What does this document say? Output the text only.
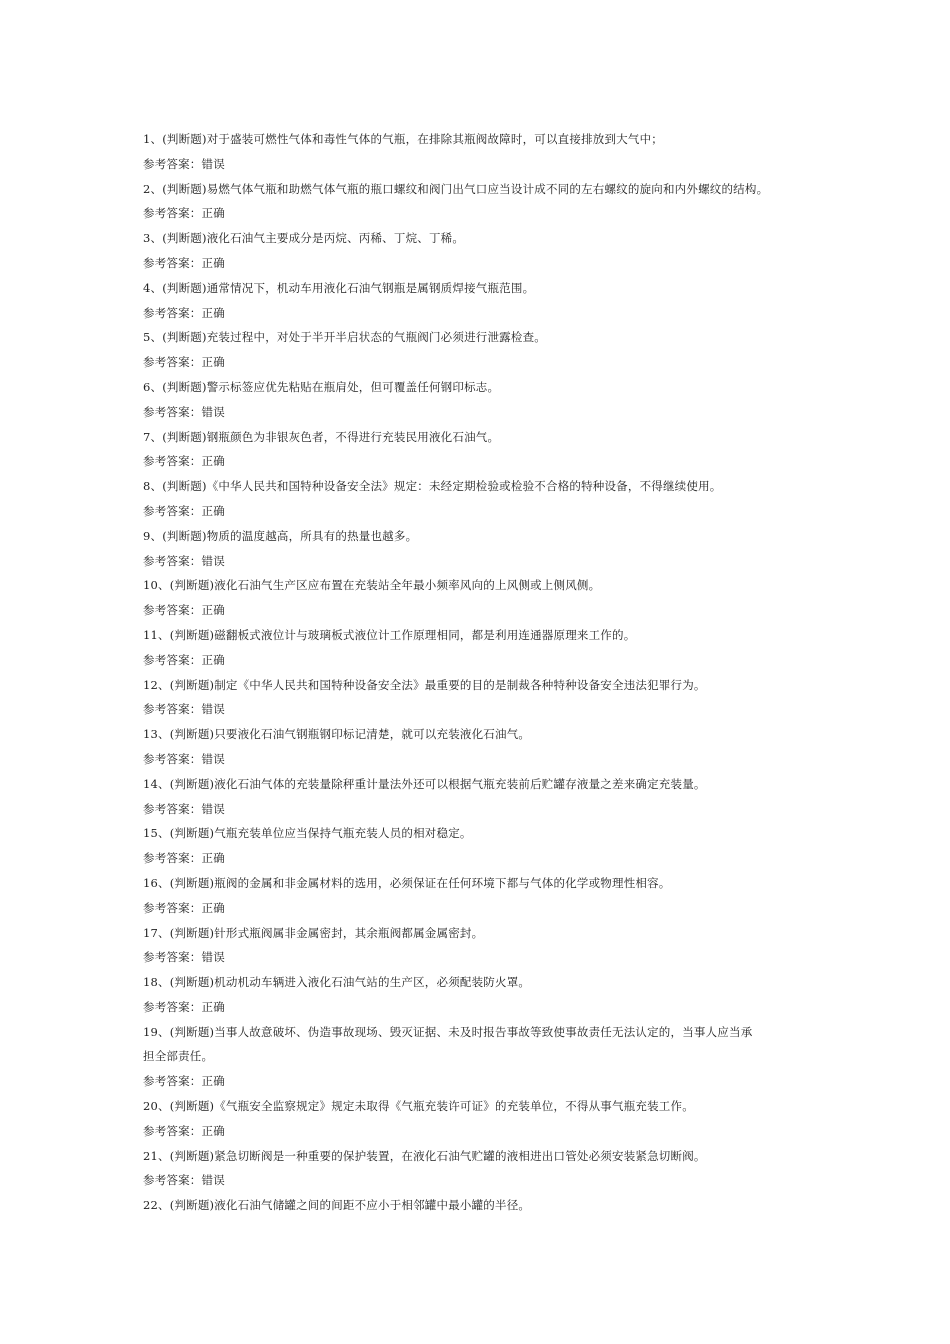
1、(判断题)对于盛装可燃性气体和毒性气体的气瓶，在排除其瓶阀故障时，可以直接排放到大气中；
参考答案：错误
2、(判断题)易燃气体气瓶和助燃气体气瓶的瓶口螺纹和阀门出气口应当设计成不同的左右螺纹的旋向和内外螺纹的结构。
参考答案：正确
3、(判断题)液化石油气主要成分是丙烷、丙稀、丁烷、丁稀。
参考答案：正确
4、(判断题)通常情况下，机动车用液化石油气钢瓶是属钢质焊接气瓶范围。
参考答案：正确
5、(判断题)充装过程中，对处于半开半启状态的气瓶阀门必须进行泄露检查。
参考答案：正确
6、(判断题)警示标签应优先粘贴在瓶肩处，但可覆盖任何钢印标志。
参考答案：错误
7、(判断题)钢瓶颜色为非银灰色者，不得进行充装民用液化石油气。
参考答案：正确
8、(判断题)《中华人民共和国特种设备安全法》规定：未经定期检验或检验不合格的特种设备，不得继续使用。
参考答案：正确
9、(判断题)物质的温度越高，所具有的热量也越多。
参考答案：错误
10、(判断题)液化石油气生产区应布置在充装站全年最小频率风向的上风侧或上侧风侧。
参考答案：正确
11、(判断题)磁翻板式液位计与玻璃板式液位计工作原理相同，都是利用连通器原理来工作的。
参考答案：正确
12、(判断题)制定《中华人民共和国特种设备安全法》最重要的目的是制裁各种特种设备安全违法犯罪行为。
参考答案：错误
13、(判断题)只要液化石油气钢瓶钢印标记清楚，就可以充装液化石油气。
参考答案：错误
14、(判断题)液化石油气体的充装量除秤重计量法外还可以根据气瓶充装前后贮罐存液量之差来确定充装量。
参考答案：错误
15、(判断题)气瓶充装单位应当保持气瓶充装人员的相对稳定。
参考答案：正确
16、(判断题)瓶阀的金属和非金属材料的选用，必须保证在任何环境下都与气体的化学或物理性相容。
参考答案：正确
17、(判断题)针形式瓶阀属非金属密封，其余瓶阀都属金属密封。
参考答案：错误
18、(判断题)机动机动车辆进入液化石油气站的生产区，必须配装防火罩。
参考答案：正确
19、(判断题)当事人故意破坏、伪造事故现场、毁灭证据、未及时报告事故等致使事故责任无法认定的，当事人应当承
担全部责任。
参考答案：正确
20、(判断题)《气瓶安全监察规定》规定未取得《气瓶充装许可证》的充装单位，不得从事气瓶充装工作。
参考答案：正确
21、(判断题)紧急切断阀是一种重要的保护装置，在液化石油气贮罐的液相进出口管处必须安装紧急切断阀。
参考答案：错误
22、(判断题)液化石油气储罐之间的间距不应小于相邻罐中最小罐的半径。
